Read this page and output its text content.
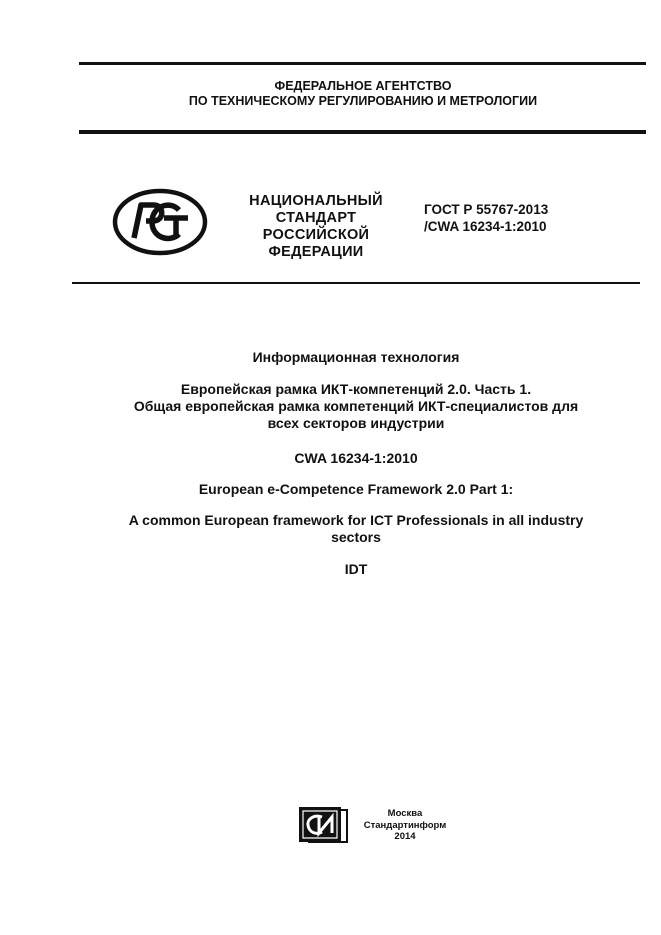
ФЕДЕРАЛЬНОЕ АГЕНТСТВО
ПО ТЕХНИЧЕСКОМУ РЕГУЛИРОВАНИЮ И МЕТРОЛОГИИ
НАЦИОНАЛЬНЫЙ
СТАНДАРТ
РОССИЙСКОЙ
ФЕДЕРАЦИИ
ГОСТ Р 55767-2013
/CWA 16234-1:2010
Информационная технология
Европейская рамка ИКТ-компетенций 2.0. Часть 1.
Общая европейская рамка компетенций ИКТ-специалистов для
всех секторов индустрии
CWA 16234-1:2010
European e-Competence Framework 2.0 Part 1:
A common European framework for ICT Professionals in all industry
sectors
IDT
Москва
Стандартинформ
2014
